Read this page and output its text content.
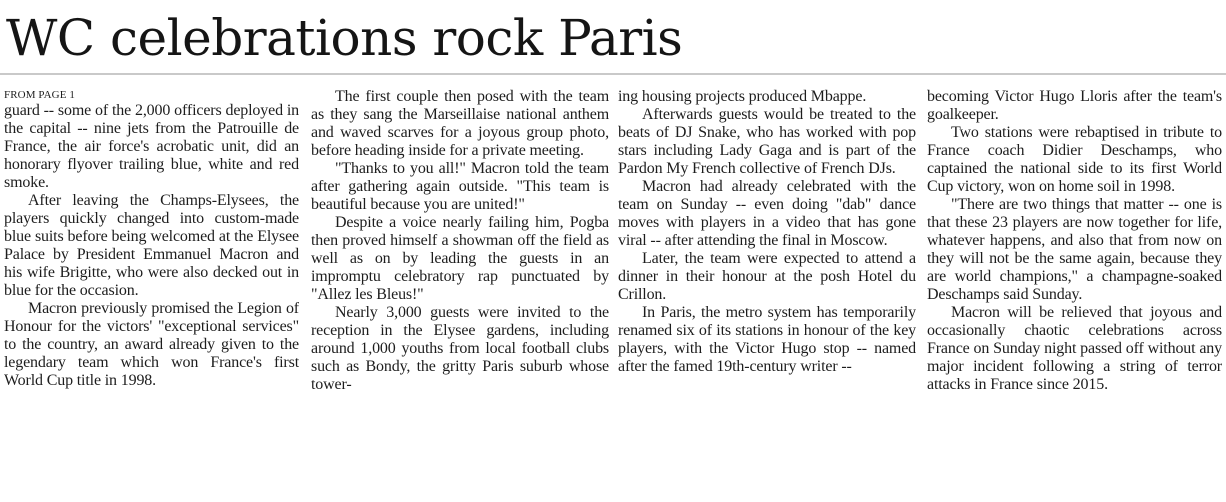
WC celebrations rock Paris
FROM PAGE 1

guard -- some of the 2,000 officers deployed in the capital -- nine jets from the Patrouille de France, the air force's acrobatic unit, did an honorary flyover trailing blue, white and red smoke.

After leaving the Champs-Elysees, the players quickly changed into custom-made blue suits before being welcomed at the Elysee Palace by President Emmanuel Macron and his wife Brigitte, who were also decked out in blue for the occasion.

Macron previously promised the Legion of Honour for the victors' "exceptional services" to the country, an award already given to the legendary team which won France's first World Cup title in 1998.

The first couple then posed with the team as they sang the Marseillaise national anthem and waved scarves for a joyous group photo, before heading inside for a private meeting.

"Thanks to you all!" Macron told the team after gathering again outside. "This team is beautiful because you are united!"

Despite a voice nearly failing him, Pogba then proved himself a showman off the field as well as on by leading the guests in an impromptu celebratory rap punctuated by "Allez les Bleus!"

Nearly 3,000 guests were invited to the reception in the Elysee gardens, including around 1,000 youths from local football clubs such as Bondy, the gritty Paris suburb whose tower-

ing housing projects produced Mbappe.

Afterwards guests would be treated to the beats of DJ Snake, who has worked with pop stars including Lady Gaga and is part of the Pardon My French collective of French DJs.

Macron had already celebrated with the team on Sunday -- even doing "dab" dance moves with players in a video that has gone viral -- after attending the final in Moscow.

Later, the team were expected to attend a dinner in their honour at the posh Hotel du Crillon.

In Paris, the metro system has temporarily renamed six of its stations in honour of the key players, with the Victor Hugo stop -- named after the famed 19th-century writer --

becoming Victor Hugo Lloris after the team's goalkeeper.

Two stations were rebaptised in tribute to France coach Didier Deschamps, who captained the national side to its first World Cup victory, won on home soil in 1998.

"There are two things that matter -- one is that these 23 players are now together for life, whatever happens, and also that from now on they will not be the same again, because they are world champions," a champagne-soaked Deschamps said Sunday.

Macron will be relieved that joyous and occasionally chaotic celebrations across France on Sunday night passed off without any major incident following a string of terror attacks in France since 2015.
